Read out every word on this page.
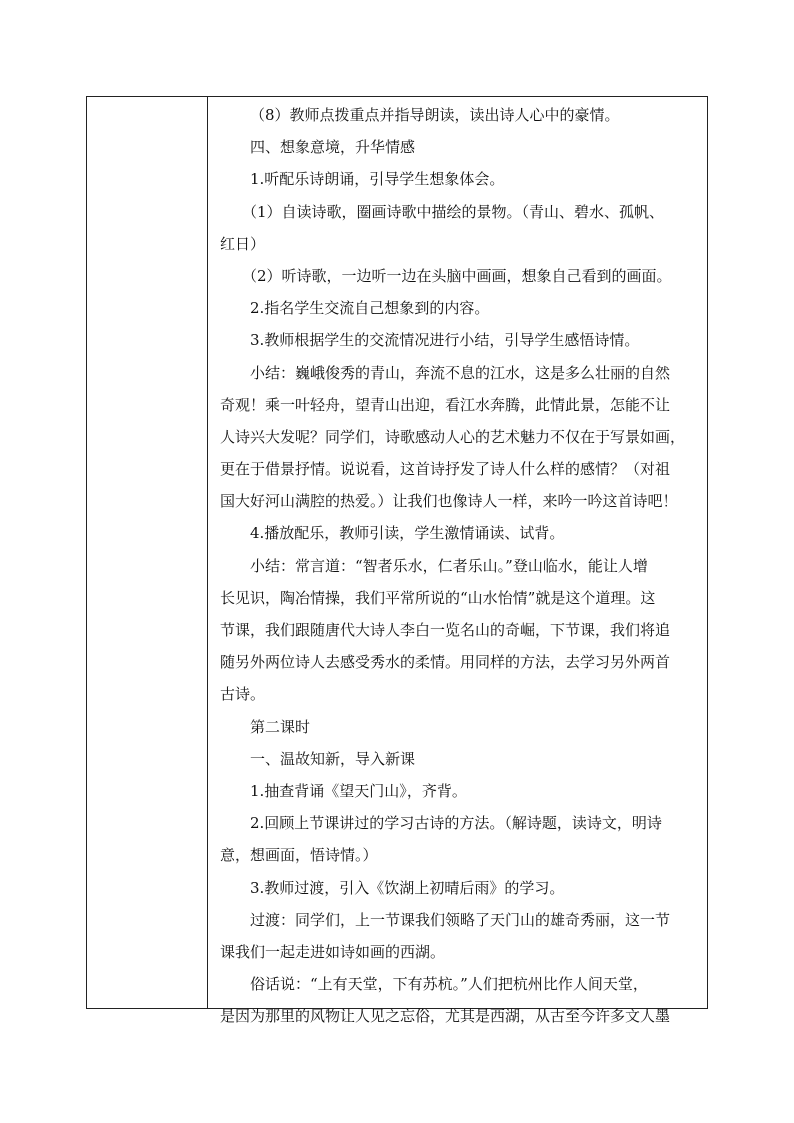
（8）教师点拨重点并指导朗读，读出诗人心中的豪情。
四、想象意境，升华情感
1.听配乐诗朗诵，引导学生想象体会。
（1）自读诗歌，圈画诗歌中描绘的景物。（青山、碧水、孤帆、
红日）
（2）听诗歌，一边听一边在头脑中画画，想象自己看到的画面。
2.指名学生交流自己想象到的内容。
3.教师根据学生的交流情况进行小结，引导学生感悟诗情。
小结：巍峨俊秀的青山，奔流不息的江水，这是多么壮丽的自然
奇观！乘一叶轻舟，望青山出迎，看江水奔腾，此情此景，怎能不让
人诗兴大发呢？同学们，诗歌感动人心的艺术魅力不仅在于写景如画，
更在于借景抒情。说说看，这首诗抒发了诗人什么样的感情？（对祖
国大好河山满腔的热爱。）让我们也像诗人一样，来吟一吟这首诗吧！
4.播放配乐，教师引读，学生激情诵读、试背。
小结：常言道：“智者乐水，仁者乐山。”登山临水，能让人增
长见识，陶冶情操，我们平常所说的“山水怡情”就是这个道理。这
节课，我们跟随唐代大诗人李白一览名山的奇崛，下节课，我们将追
随另外两位诗人去感受秀水的柔情。用同样的方法，去学习另外两首
古诗。
第二课时
一、温故知新，导入新课
1.抽查背诵《望天门山》，齐背。
2.回顾上节课讲过的学习古诗的方法。（解诗题，读诗文，明诗
意，想画面，悟诗情。）
3.教师过渡，引入《饮湖上初晴后雨》的学习。
过渡：同学们，上一节课我们领略了天门山的雄奇秀丽，这一节
课我们一起走进如诗如画的西湖。
俗话说：“上有天堂，下有苏杭。”人们把杭州比作人间天堂，
是因为那里的风物让人见之忘俗，尤其是西湖，从古至今许多文人墨
